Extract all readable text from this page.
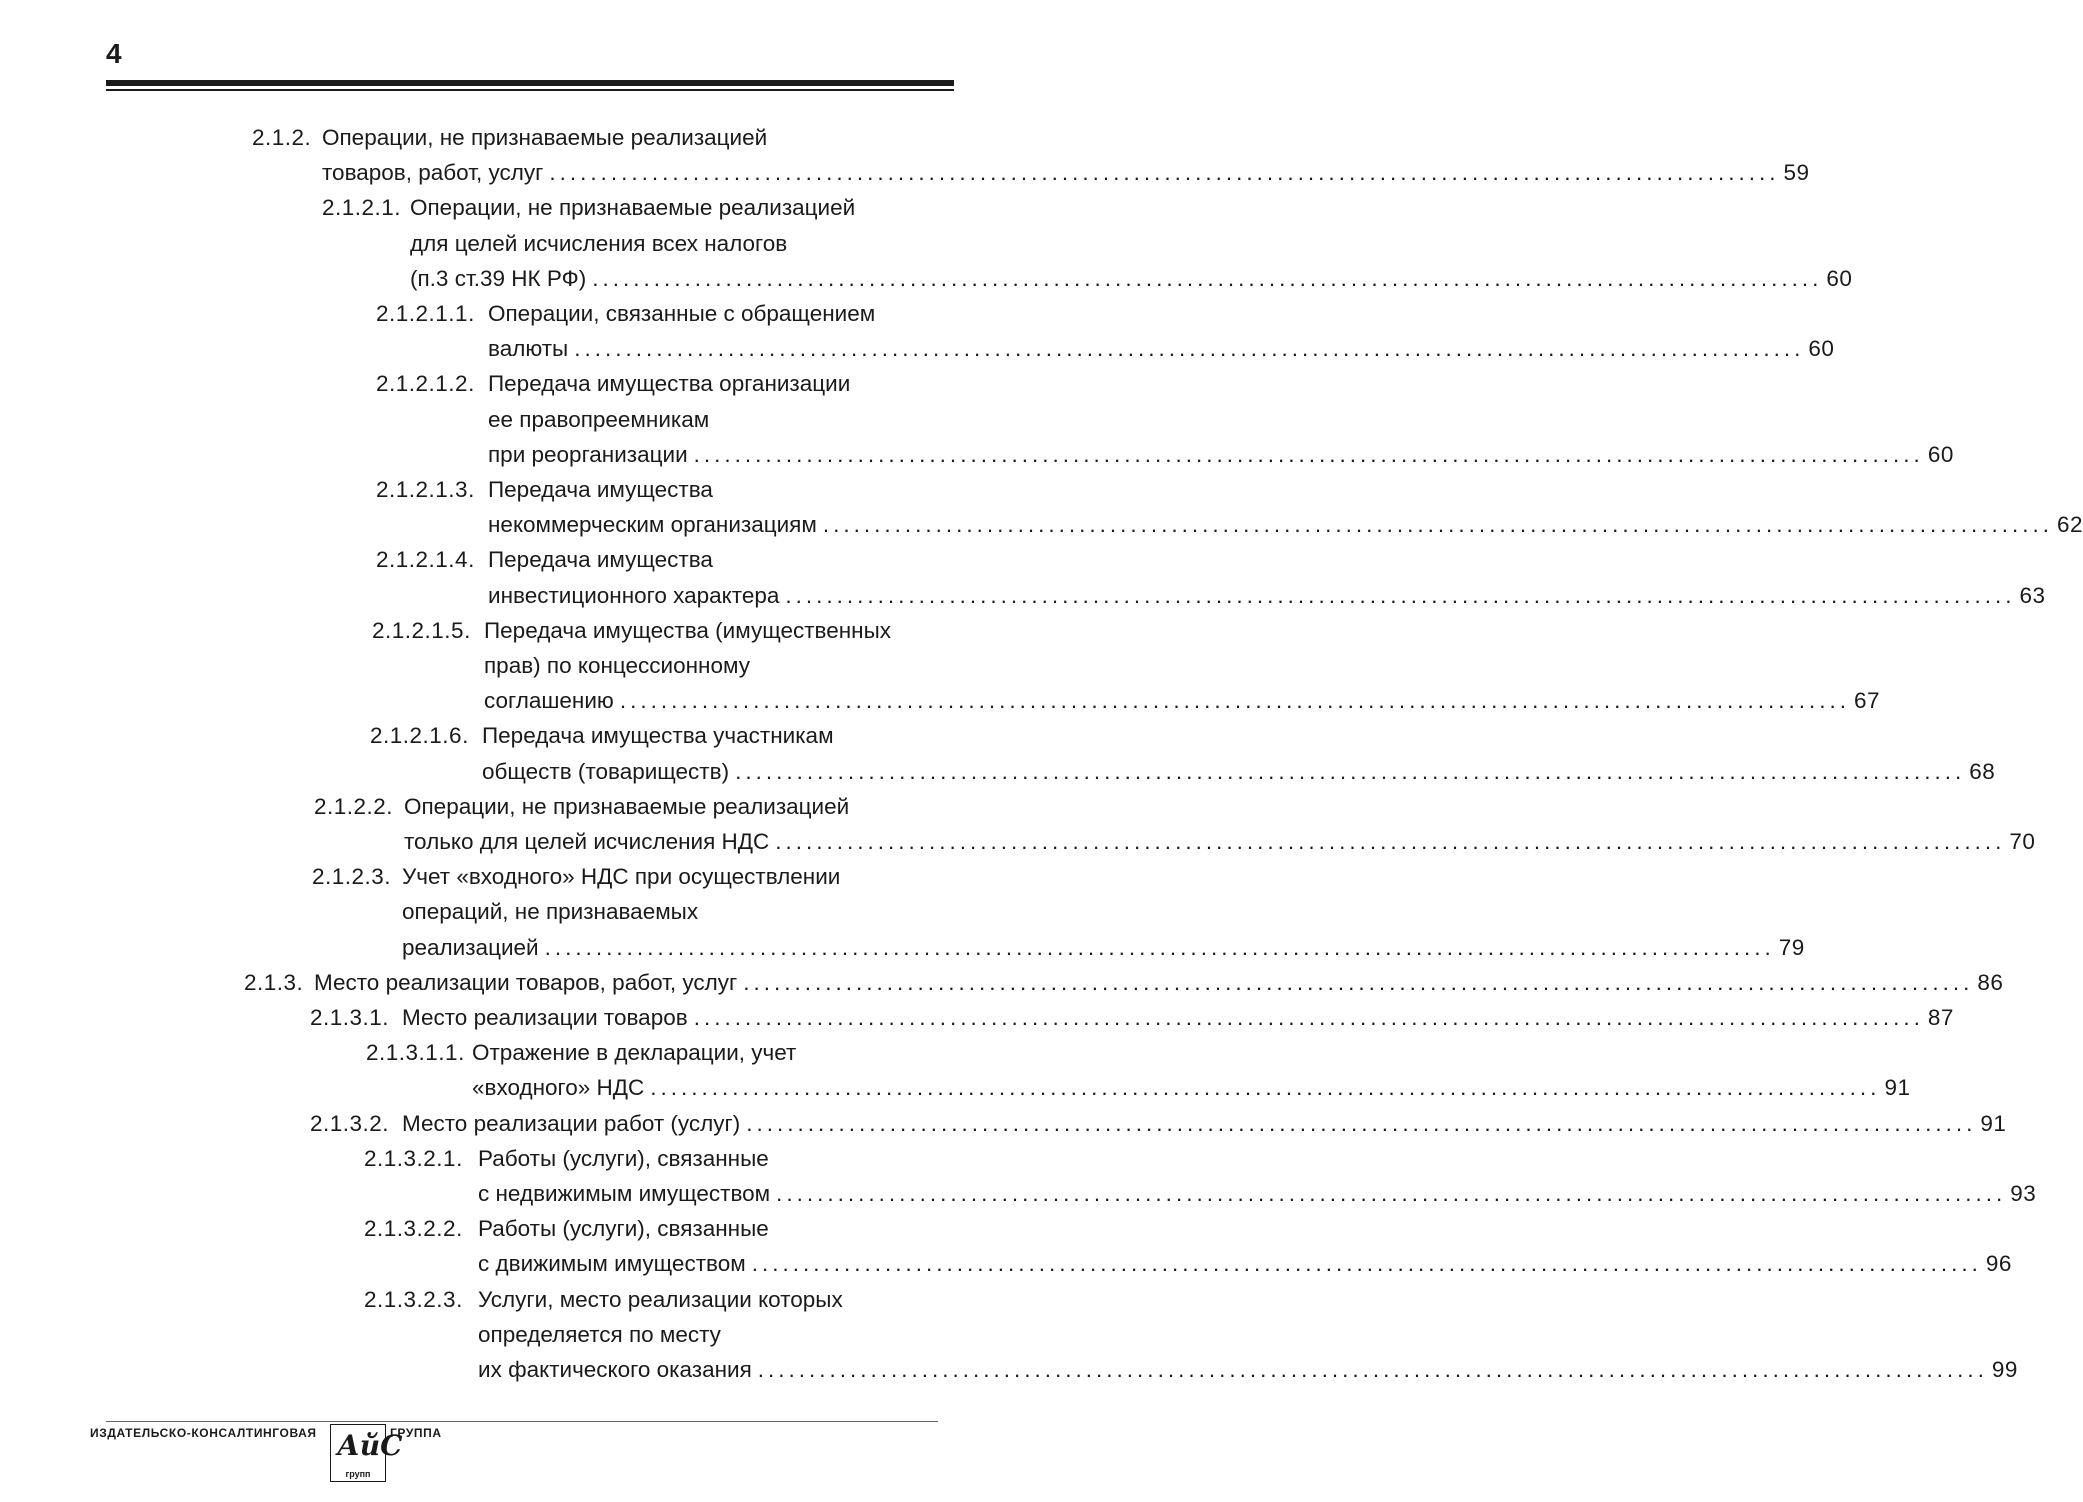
4
2.1.2. Операции, не признаваемые реализацией
товаров, работ, услуг ........................................................................................................................ 59
2.1.2.1. Операции, не признаваемые реализацией
для целей исчисления всех налогов
(п.3 ст.39 НК РФ) ........................................................................................................................ 60
2.1.2.1.1. Операции, связанные с обращением
валюты ........................................................................................................................ 60
2.1.2.1.2. Передача имущества организации
ее правопреемникам
при реорганизации ........................................................................................................................ 60
2.1.2.1.3. Передача имущества
некоммерческим организациям ........................................................................................................................ 62
2.1.2.1.4. Передача имущества
инвестиционного характера ........................................................................................................................ 63
2.1.2.1.5. Передача имущества (имущественных
прав) по концессионному
соглашению ........................................................................................................................ 67
2.1.2.1.6. Передача имущества участникам
обществ (товариществ) ........................................................................................................................ 68
2.1.2.2. Операции, не признаваемые реализацией
только для целей исчисления НДС ........................................................................................................................ 70
2.1.2.3. Учет «входного» НДС при осуществлении
операций, не признаваемых
реализацией ........................................................................................................................ 79
2.1.3. Место реализации товаров, работ, услуг ........................................................................................................................ 86
2.1.3.1. Место реализации товаров ........................................................................................................................ 87
2.1.3.1.1. Отражение в декларации, учет
«входного» НДС ........................................................................................................................ 91
2.1.3.2. Место реализации работ (услуг) ........................................................................................................................ 91
2.1.3.2.1. Работы (услуги), связанные
с недвижимым имуществом ........................................................................................................................ 93
2.1.3.2.2. Работы (услуги), связанные
с движимым имуществом ........................................................................................................................ 96
2.1.3.2.3. Услуги, место реализации которых
определяется по месту
их фактического оказания ........................................................................................................................ 99
ИЗДАТЕЛЬСКО-КОНСАЛТИНГОВАЯ АйС
групп
ГРУППА
